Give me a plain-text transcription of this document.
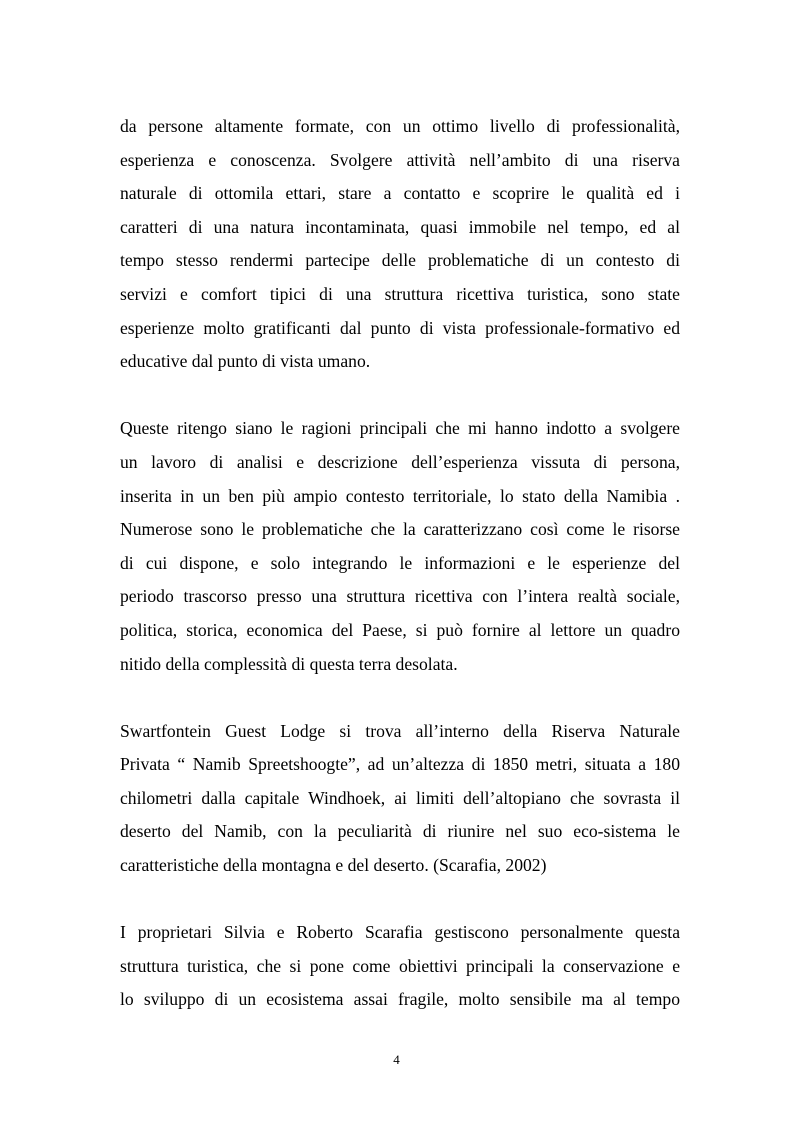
da persone altamente formate, con un ottimo livello di professionalità,
esperienza e conoscenza. Svolgere attività nell’ambito di una riserva
naturale di ottomila ettari, stare a contatto e scoprire le qualità ed i
caratteri di una natura incontaminata, quasi immobile nel tempo, ed al
tempo stesso rendermi partecipe delle problematiche di un contesto di
servizi e comfort tipici di una struttura ricettiva turistica, sono state
esperienze molto gratificanti dal punto di vista professionale-formativo ed
educative dal punto di vista umano.

Queste ritengo siano le ragioni principali che mi hanno indotto a svolgere
un lavoro di analisi e descrizione dell’esperienza vissuta di persona,
inserita in un ben più ampio contesto territoriale, lo stato della Namibia .
Numerose sono le problematiche che la caratterizzano così come le risorse
di cui dispone, e solo integrando le informazioni e le esperienze del
periodo trascorso presso una struttura ricettiva con l’intera realtà sociale,
politica, storica, economica del Paese, si può fornire al lettore un quadro
nitido della complessità di questa terra desolata.

Swartfontein Guest Lodge si trova all’interno della Riserva Naturale
Privata “ Namib Spreetshoogte”, ad un’altezza di 1850 metri, situata a 180
chilometri dalla capitale Windhoek, ai limiti dell’altopiano che sovrasta il
deserto del Namib, con la peculiarità di riunire nel suo eco-sistema le
caratteristiche della montagna e del deserto. (Scarafia, 2002)

I proprietari Silvia e Roberto Scarafia gestiscono personalmente questa
struttura turistica, che si pone come obiettivi principali la conservazione e
lo sviluppo di un ecosistema assai fragile, molto sensibile ma al tempo

4
